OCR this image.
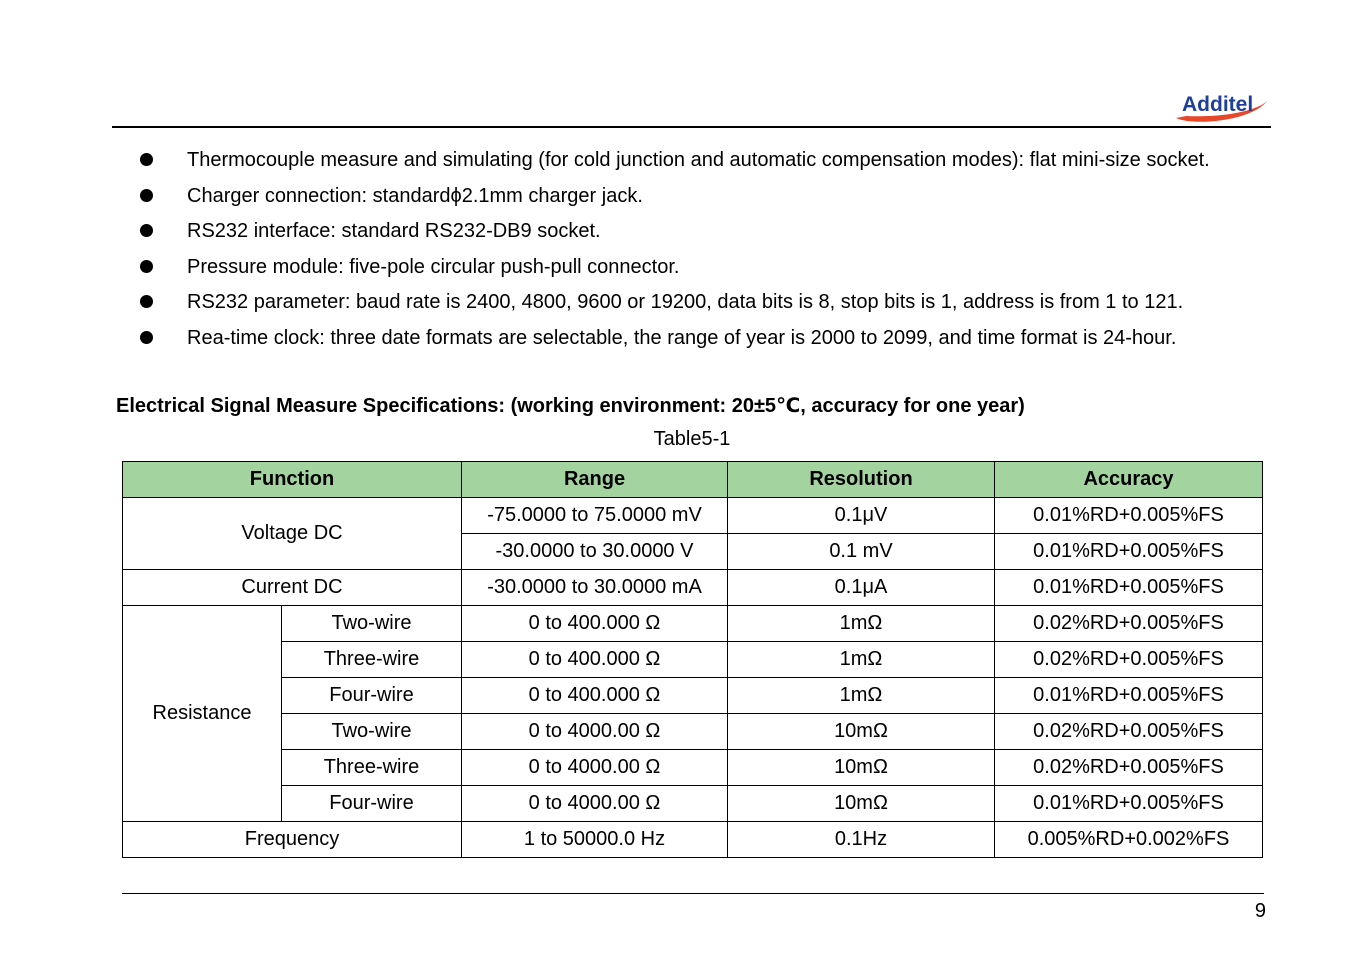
Additel
Thermocouple measure and simulating (for cold junction and automatic compensation modes): flat mini-size socket.
Charger connection: standardϕ2.1mm charger jack.
RS232 interface: standard RS232-DB9 socket.
Pressure module: five-pole circular push-pull connector.
RS232 parameter: baud rate is 2400, 4800, 9600 or 19200, data bits is 8, stop bits is 1, address is from 1 to 121.
Rea-time clock: three date formats are selectable, the range of year is 2000 to 2099, and time format is 24-hour.
Electrical Signal Measure Specifications: (working environment: 20±5℃, accuracy for one year)
Table5-1
Function		Range	Resolution	Accuracy
Voltage DC		-75.0000 to 75.0000 mV	0.1μV	0.01%RD+0.005%FS
		-30.0000 to 30.0000 V	0.1 mV	0.01%RD+0.005%FS
Current DC		-30.0000 to 30.0000 mA	0.1μA	0.01%RD+0.005%FS
Resistance	Two-wire	0 to 400.000 Ω	1mΩ	0.02%RD+0.005%FS
	Three-wire	0 to 400.000 Ω	1mΩ	0.02%RD+0.005%FS
	Four-wire	0 to 400.000 Ω	1mΩ	0.01%RD+0.005%FS
	Two-wire	0 to 4000.00 Ω	10mΩ	0.02%RD+0.005%FS
	Three-wire	0 to 4000.00 Ω	10mΩ	0.02%RD+0.005%FS
	Four-wire	0 to 4000.00 Ω	10mΩ	0.01%RD+0.005%FS
Frequency		1 to 50000.0 Hz	0.1Hz	0.005%RD+0.002%FS
9
